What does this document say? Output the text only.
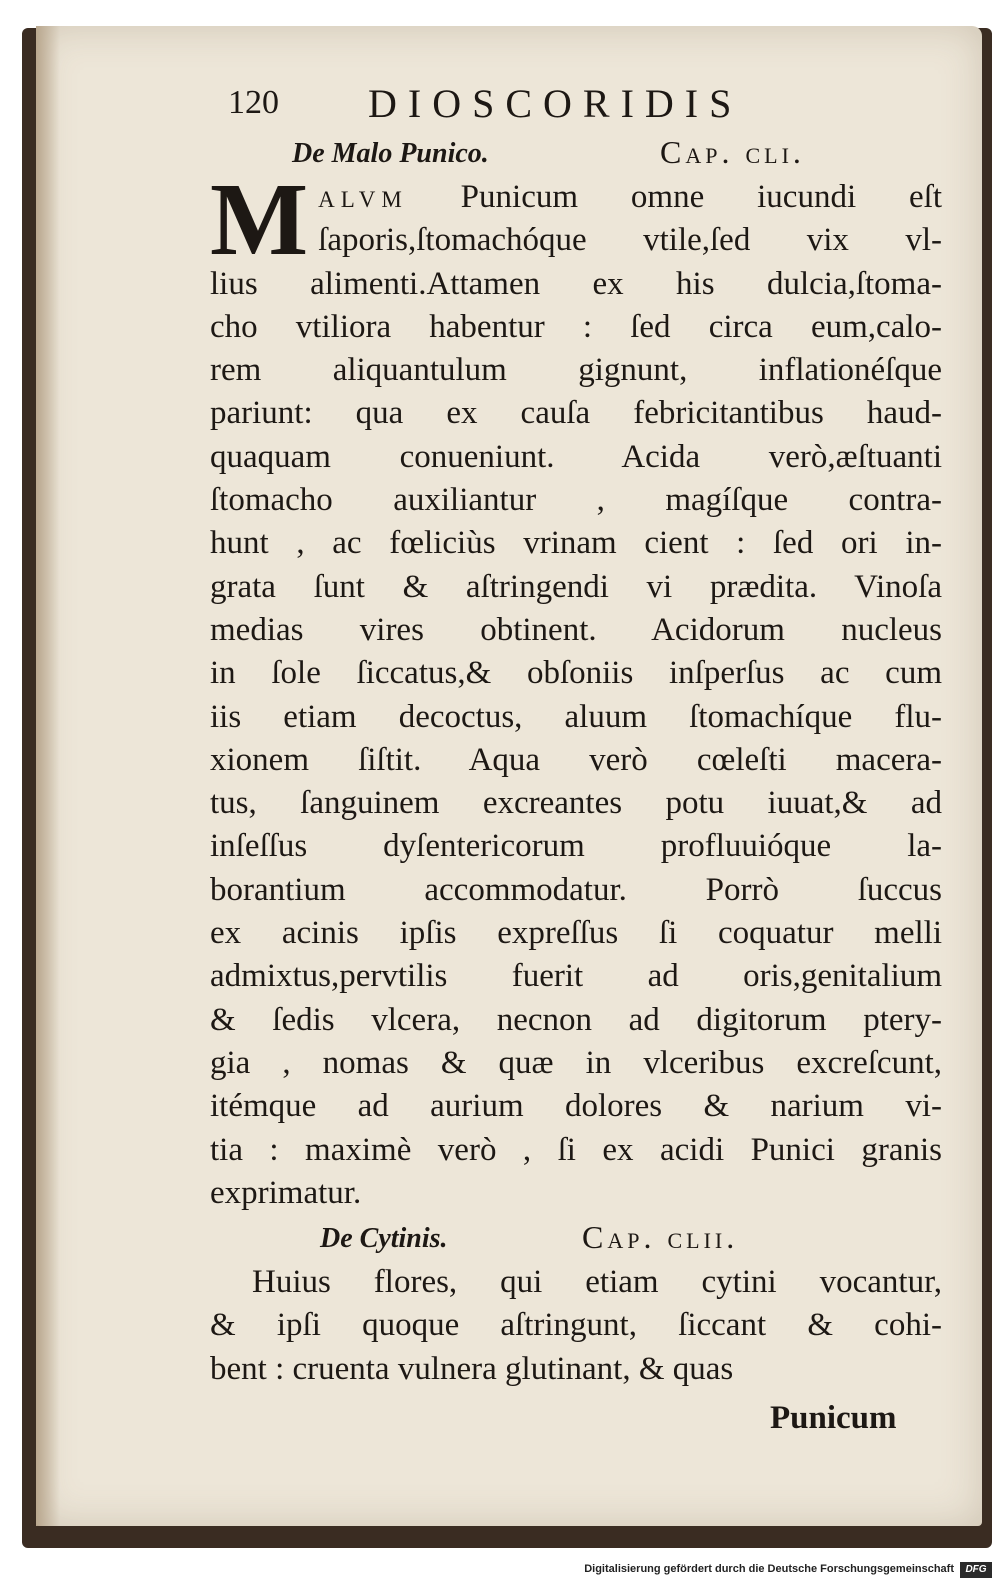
120 DIOSCORIDIS
De Malo Punico.	Cap. cli.
M alvm Punicum omne iucundi eſt
ſaporis,ſtomachóque vtile,ſed vix vl-
lius alimenti.Attamen ex his dulcia,ſtoma-
cho vtiliora habentur : ſed circa eum,calo-
rem aliquantulum gignunt, inflationéſque
pariunt: qua ex cauſa febricitantibus haud-
quaquam conueniunt. Acida verò,æſtuanti
ſtomacho auxiliantur , magíſque contra-
hunt , ac fœliciùs vrinam cient : ſed ori in-
grata ſunt & aſtringendi vi prædita. Vinoſa
medias vires obtinent. Acidorum nucleus
in ſole ſiccatus,& obſoniis inſperſus ac cum
iis etiam decoctus, aluum ſtomachíque flu-
xionem ſiſtit. Aqua verò cœleſti macera-
tus, ſanguinem excreantes potu iuuat,& ad
inſeſſus dyſentericorum profluuióque la-
borantium accommodatur. Porrò ſuccus
ex acinis ipſis expreſſus ſi coquatur melli
admixtus,pervtilis fuerit ad oris,genitalium
& ſedis vlcera, necnon ad digitorum ptery-
gia , nomas & quæ in vlceribus excreſcunt,
itémque ad aurium dolores & narium vi-
tia : maximè verò , ſi ex acidi Punici granis
exprimatur.
De Cytinis.	Cap. clii.
Huius flores, qui etiam cytini vocantur,
& ipſi quoque aſtringunt, ſiccant & cohi-
bent : cruenta vulnera glutinant, & quas
Punicum
Digitalisierung gefördert durch die Deutsche Forschungsgemeinschaft	DFG
